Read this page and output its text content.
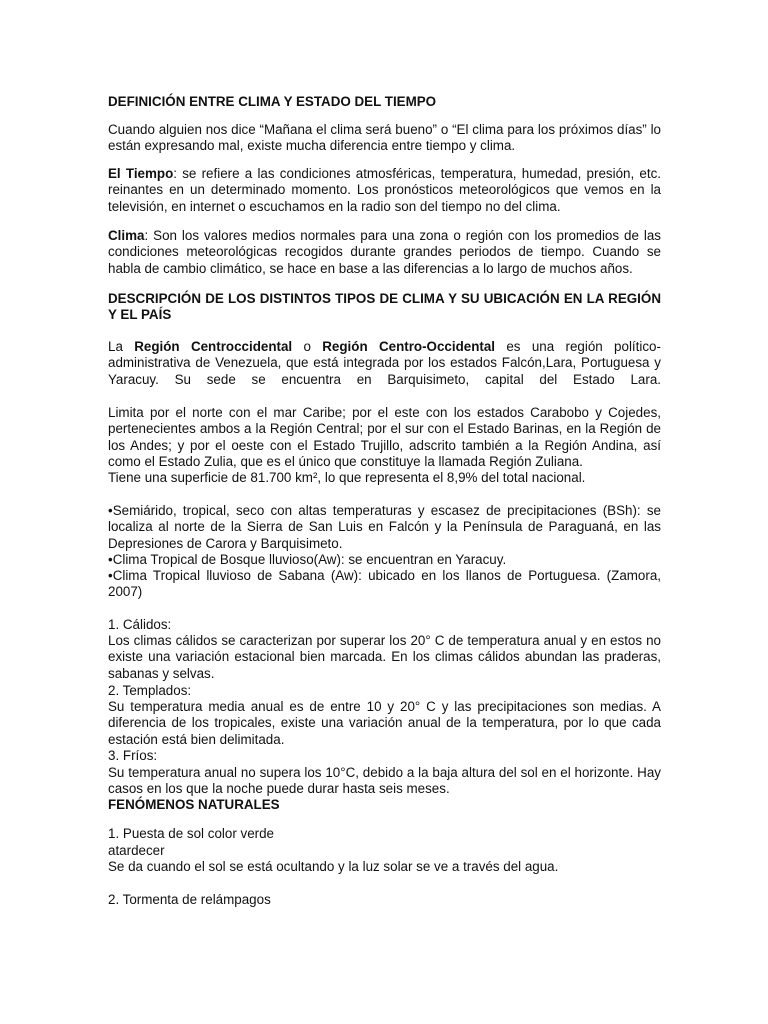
DEFINICIÓN ENTRE CLIMA Y ESTADO DEL TIEMPO

Cuando alguien nos dice “Mañana el clima será bueno” o “El clima para los próximos días” lo están expresando mal, existe mucha diferencia entre tiempo y clima.

El Tiempo: se refiere a las condiciones atmosféricas, temperatura, humedad, presión, etc. reinantes en un determinado momento. Los pronósticos meteorológicos que vemos en la televisión, en internet o escuchamos en la radio son del tiempo no del clima.

Clima: Son los valores medios normales para una zona o región con los promedios de las condiciones meteorológicas recogidos durante grandes periodos de tiempo. Cuando se habla de cambio climático, se hace en base a las diferencias a lo largo de muchos años.

DESCRIPCIÓN DE LOS DISTINTOS TIPOS DE CLIMA Y SU UBICACIÓN EN LA REGIÓN Y EL PAÍS

La Región Centroccidental o Región Centro-Occidental es una región político-administrativa de Venezuela, que está integrada por los estados Falcón,Lara, Portuguesa y Yaracuy. Su sede se encuentra en Barquisimeto, capital del Estado Lara.

Limita por el norte con el mar Caribe; por el este con los estados Carabobo y Cojedes, pertenecientes ambos a la Región Central; por el sur con el Estado Barinas, en la Región de los Andes; y por el oeste con el Estado Trujillo, adscrito también a la Región Andina, así como el Estado Zulia, que es el único que constituye la llamada Región Zuliana.

Tiene una superficie de 81.700 km², lo que representa el 8,9% del total nacional.

•Semiárido, tropical, seco con altas temperaturas y escasez de precipitaciones (BSh): se localiza al norte de la Sierra de San Luis en Falcón y la Península de Paraguaná, en las Depresiones de Carora y Barquisimeto.

•Clima Tropical de Bosque lluvioso(Aw): se encuentran en Yaracuy.

•Clima Tropical lluvioso de Sabana (Aw): ubicado en los llanos de Portuguesa. (Zamora, 2007)

1. Cálidos:

Los climas cálidos se caracterizan por superar los 20° C de temperatura anual y en estos no existe una variación estacional bien marcada. En los climas cálidos abundan las praderas, sabanas y selvas.

2. Templados:

Su temperatura media anual es de entre 10 y 20° C y las precipitaciones son medias. A diferencia de los tropicales, existe una variación anual de la temperatura, por lo que cada estación está bien delimitada.

3. Fríos:

Su temperatura anual no supera los 10°C, debido a la baja altura del sol en el horizonte. Hay casos en los que la noche puede durar hasta seis meses.

FENÓMENOS NATURALES

1. Puesta de sol color verde

atardecer

Se da cuando el sol se está ocultando y la luz solar se ve a través del agua.

2. Tormenta de relámpagos
